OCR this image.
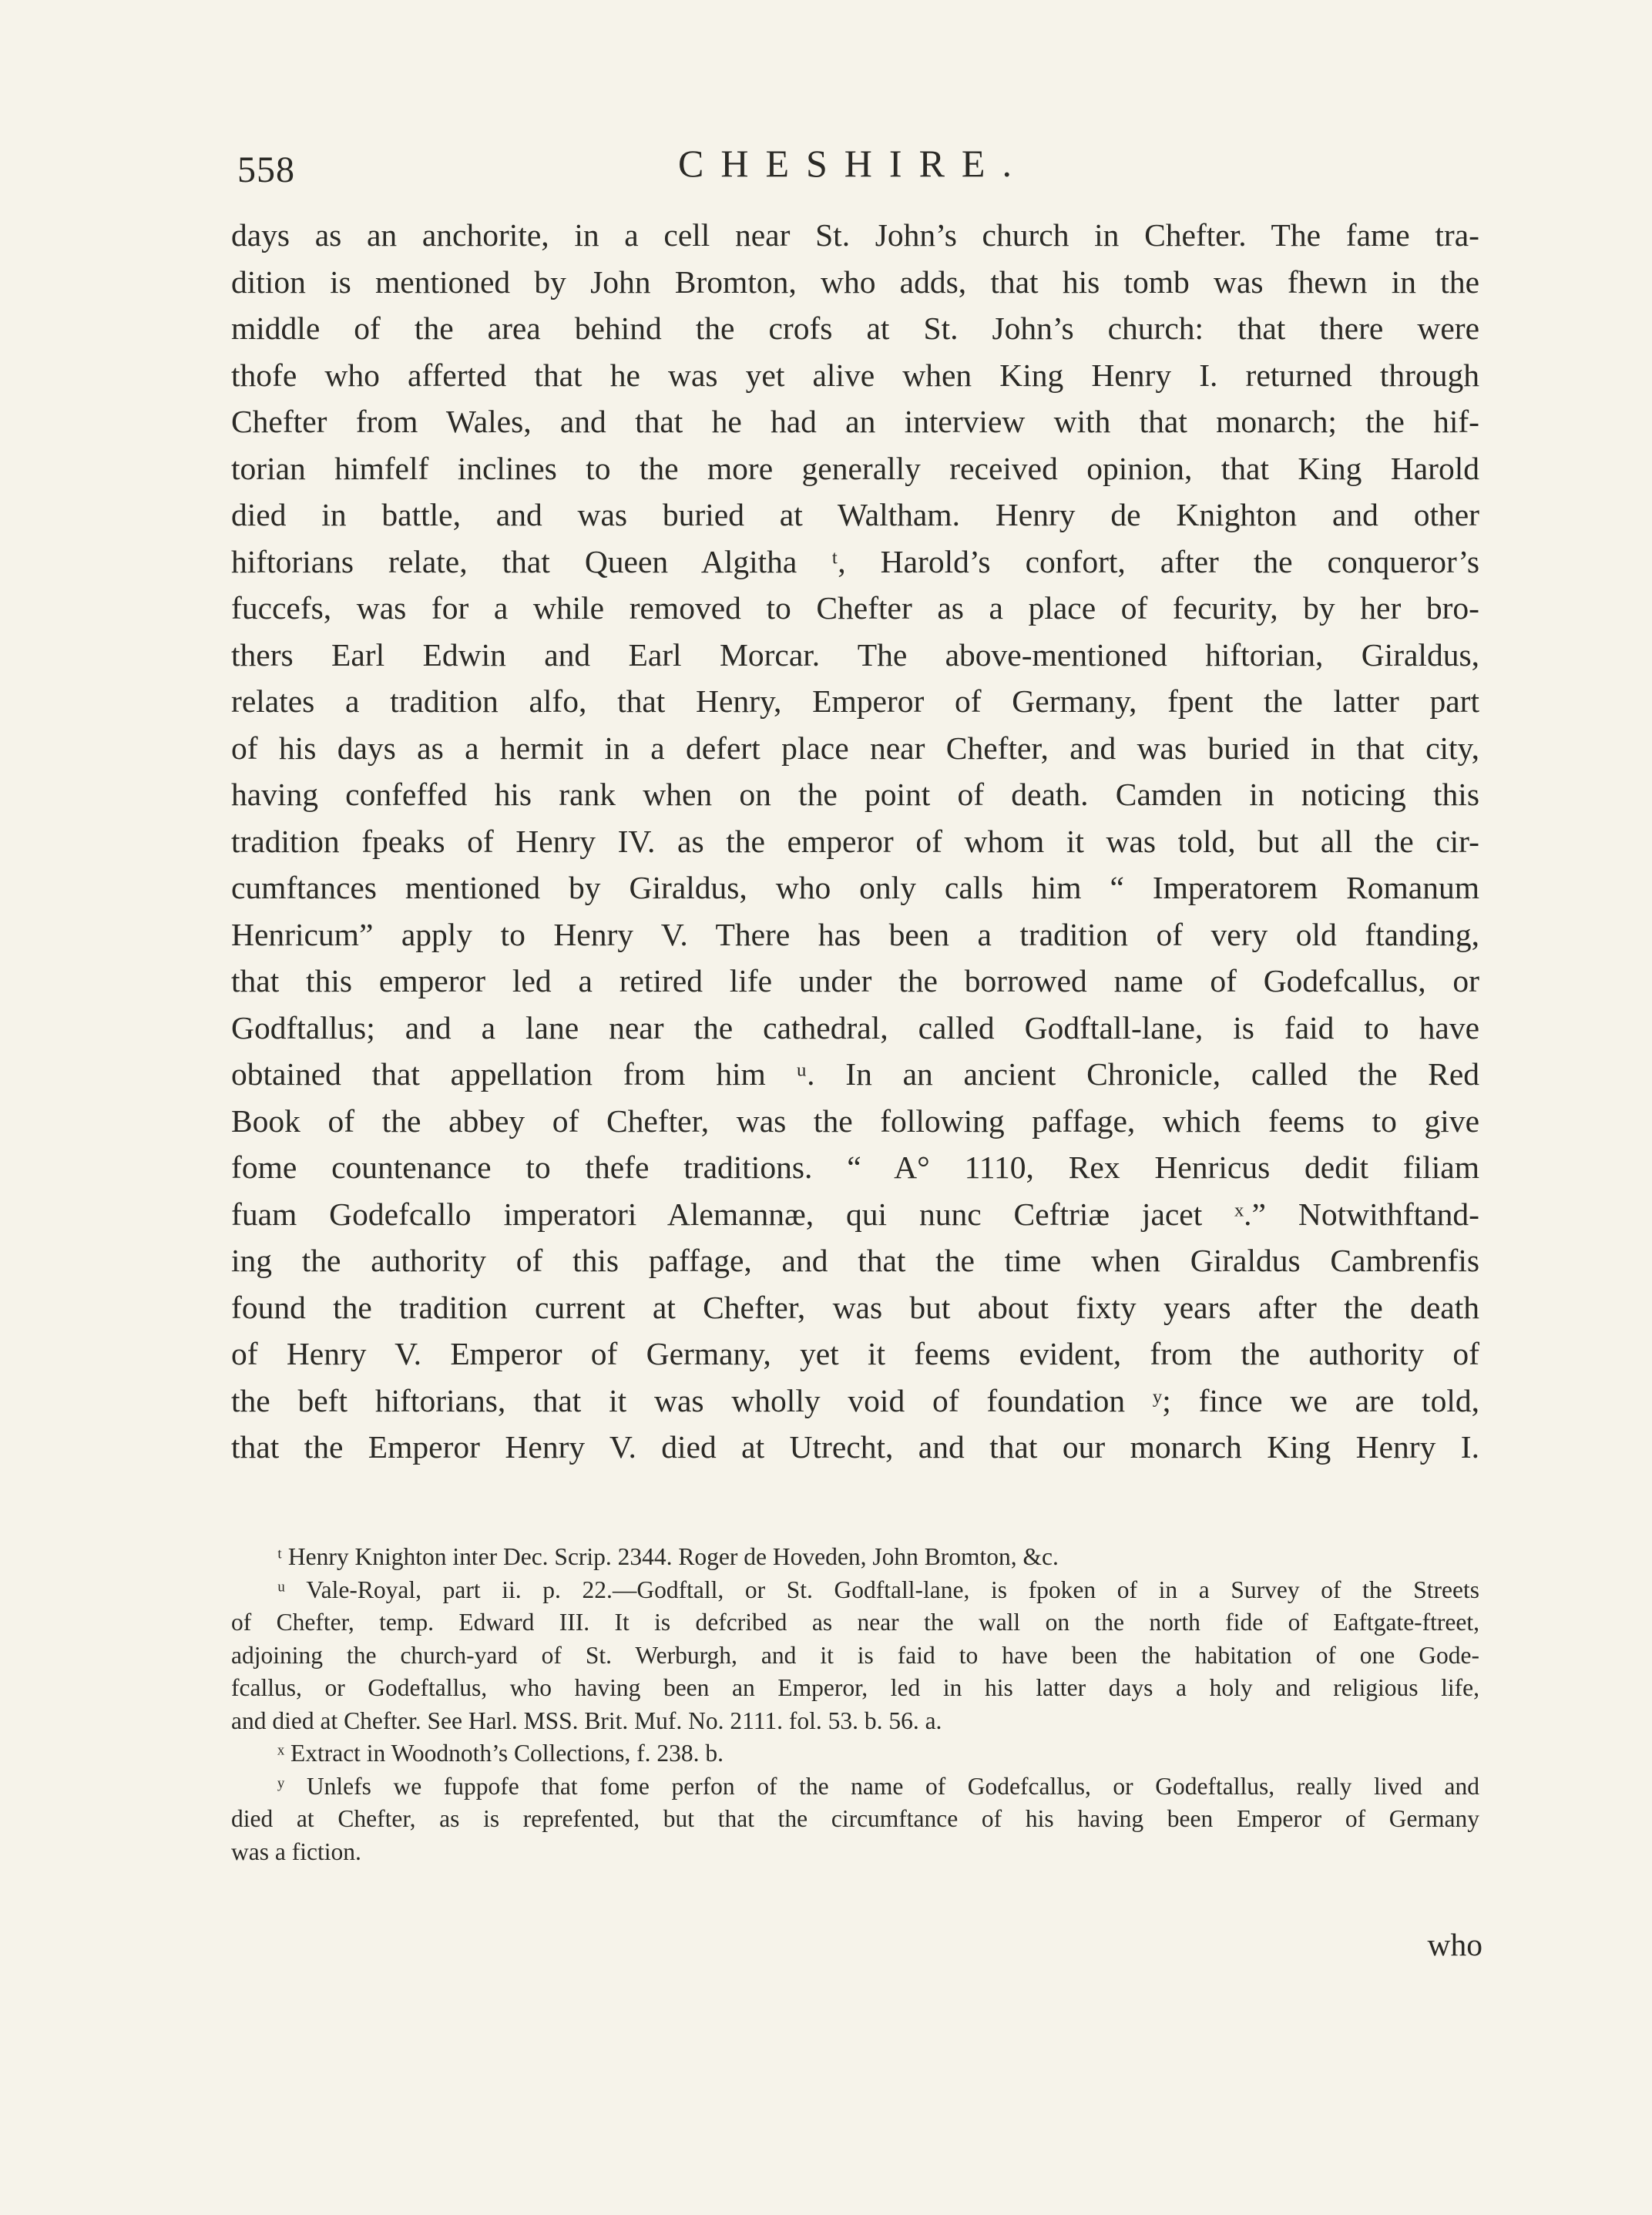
558	CHESHIRE.
days as an anchorite, in a cell near St. John’s church in Chefter. The fame tra-
dition is mentioned by John Bromton, who adds, that his tomb was fhewn in the
middle of the area behind the crofs at St. John’s church: that there were
thofe who afferted that he was yet alive when King Henry I. returned through
Chefter from Wales, and that he had an interview with that monarch; the hif-
torian himfelf inclines to the more generally received opinion, that King Harold
died in battle, and was buried at Waltham. Henry de Knighton and other
hiftorians relate, that Queen Algitha ᵗ, Harold’s confort, after the conqueror’s
fuccefs, was for a while removed to Chefter as a place of fecurity, by her bro-
thers Earl Edwin and Earl Morcar. The above-mentioned hiftorian, Giraldus,
relates a tradition alfo, that Henry, Emperor of Germany, fpent the latter part
of his days as a hermit in a defert place near Chefter, and was buried in that city,
having confeffed his rank when on the point of death. Camden in noticing this
tradition fpeaks of Henry IV. as the emperor of whom it was told, but all the cir-
cumftances mentioned by Giraldus, who only calls him “ Imperatorem Romanum
Henricum” apply to Henry V. There has been a tradition of very old ftanding,
that this emperor led a retired life under the borrowed name of Godefcallus, or
Godftallus; and a lane near the cathedral, called Godftall-lane, is faid to have
obtained that appellation from him ᵘ. In an ancient Chronicle, called the Red
Book of the abbey of Chefter, was the following paffage, which feems to give
fome countenance to thefe traditions. “ A° 1110, Rex Henricus dedit filiam
fuam Godefcallo imperatori Alemannæ, qui nunc Ceftriæ jacet ˣ.” Notwithftand-
ing the authority of this paffage, and that the time when Giraldus Cambrenfis
found the tradition current at Chefter, was but about fixty years after the death
of Henry V. Emperor of Germany, yet it feems evident, from the authority of
the beft hiftorians, that it was wholly void of foundation ʸ; fince we are told,
that the Emperor Henry V. died at Utrecht, and that our monarch King Henry I.
ᵗ Henry Knighton inter Dec. Scrip. 2344. Roger de Hoveden, John Bromton, &c.
ᵘ Vale-Royal, part ii. p. 22.—Godftall, or St. Godftall-lane, is fpoken of in a Survey of the Streets
of Chefter, temp. Edward III. It is defcribed as near the wall on the north fide of Eaftgate-ftreet,
adjoining the church-yard of St. Werburgh, and it is faid to have been the habitation of one Gode-
fcallus, or Godeftallus, who having been an Emperor, led in his latter days a holy and religious life,
and died at Chefter. See Harl. MSS. Brit. Muf. No. 2111. fol. 53. b. 56. a.
ˣ Extract in Woodnoth’s Collections, f. 238. b.
ʸ Unlefs we fuppofe that fome perfon of the name of Godefcallus, or Godeftallus, really lived and
died at Chefter, as is reprefented, but that the circumftance of his having been Emperor of Germany
was a fiction.
who
